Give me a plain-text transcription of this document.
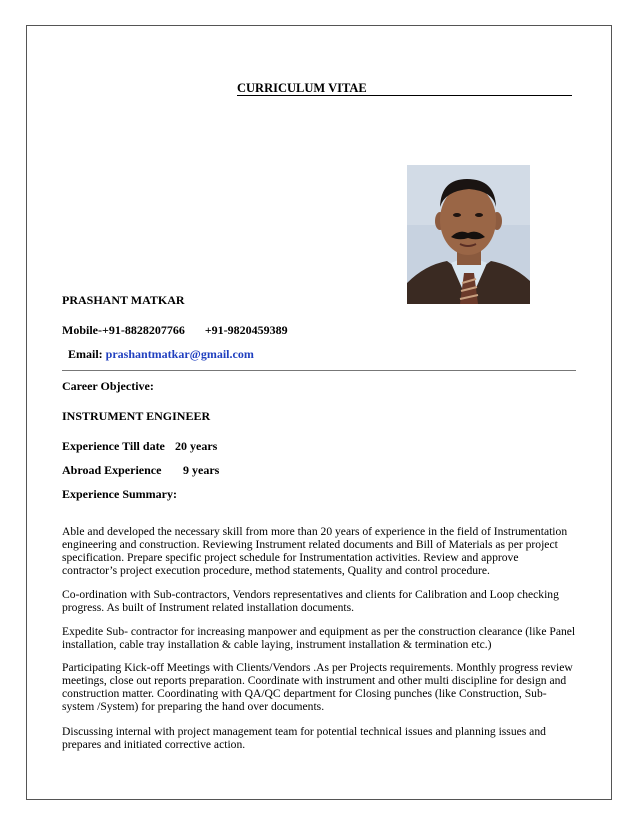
CURRICULUM VITAE
PRASHANT MATKAR
Mobile-+91-8828207766 +91-9820459389
Email: prashantmatkar@gmail.com
Career Objective:
INSTRUMENT ENGINEER
Experience Till date 20 years
Abroad Experience 9 years
Experience Summary:

Able and developed the necessary skill from more than 20 years of experience in the field of Instrumentation engineering and construction. Reviewing Instrument related documents and Bill of Materials as per project specification. Prepare specific project schedule for Instrumentation activities. Review and approve contractor’s project execution procedure, method statements, Quality and control procedure.

Co-ordination with Sub-contractors, Vendors representatives and clients for Calibration and Loop checking progress. As built of Instrument related installation documents.

Expedite Sub- contractor for increasing manpower and equipment as per the construction clearance (like Panel installation, cable tray installation & cable laying, instrument installation & termination etc.)

Participating Kick-off Meetings with Clients/Vendors .As per Projects requirements. Monthly progress review meetings, close out reports preparation. Coordinate with instrument and other multi discipline for design and construction matter. Coordinating with QA/QC department for Closing punches (like Construction, Sub-system /System) for preparing the hand over documents.

Discussing internal with project management team for potential technical issues and planning issues and prepares and initiated corrective action.
